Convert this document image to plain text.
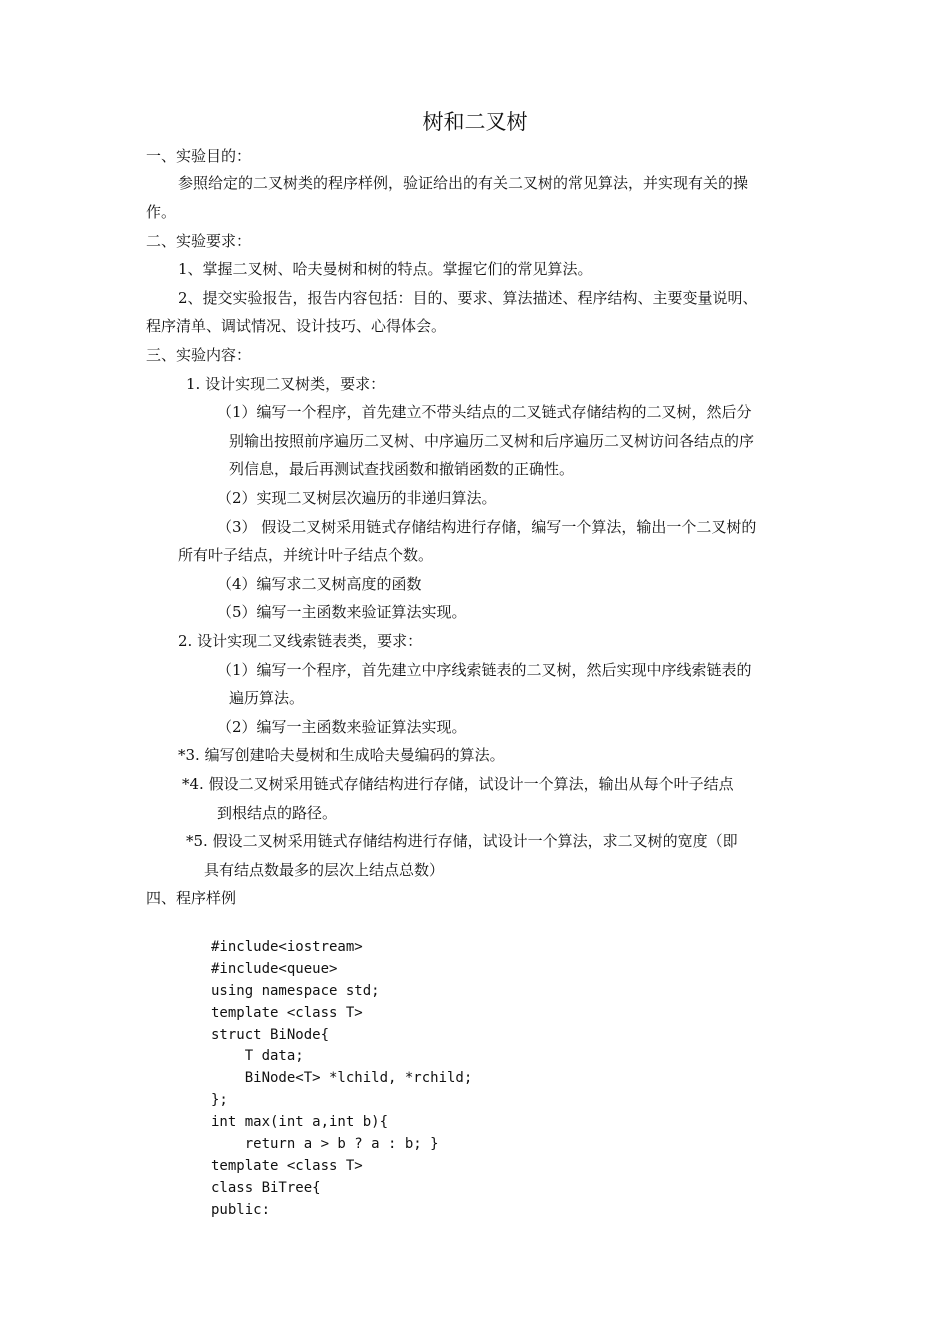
树和二叉树

一、实验目的：

参照给定的二叉树类的程序样例，验证给出的有关二叉树的常见算法，并实现有关的操

作。

二、实验要求：

1、掌握二叉树、哈夫曼树和树的特点。掌握它们的常见算法。

2、提交实验报告，报告内容包括：目的、要求、算法描述、程序结构、主要变量说明、

程序清单、调试情况、设计技巧、心得体会。

三、实验内容：

1. 设计实现二叉树类，要求：

（1）编写一个程序，首先建立不带头结点的二叉链式存储结构的二叉树，然后分

别输出按照前序遍历二叉树、中序遍历二叉树和后序遍历二叉树访问各结点的序

列信息，最后再测试查找函数和撤销函数的正确性。

（2）实现二叉树层次遍历的非递归算法。

（3） 假设二叉树采用链式存储结构进行存储，编写一个算法，输出一个二叉树的

所有叶子结点，并统计叶子结点个数。

（4）编写求二叉树高度的函数

（5）编写一主函数来验证算法实现。

2. 设计实现二叉线索链表类，要求：

（1）编写一个程序，首先建立中序线索链表的二叉树，然后实现中序线索链表的

遍历算法。

（2）编写一主函数来验证算法实现。

*3. 编写创建哈夫曼树和生成哈夫曼编码的算法。

*4. 假设二叉树采用链式存储结构进行存储，试设计一个算法，输出从每个叶子结点

到根结点的路径。

*5. 假设二叉树采用链式存储结构进行存储，试设计一个算法，求二叉树的宽度（即

具有结点数最多的层次上结点总数）

四、程序样例

#include<iostream>
#include<queue>
using namespace std;
template <class T>
struct BiNode{
T data;
BiNode<T> *lchild, *rchild;
};
int max(int a,int b){
return a > b ? a : b; }
template <class T>
class BiTree{
public:
